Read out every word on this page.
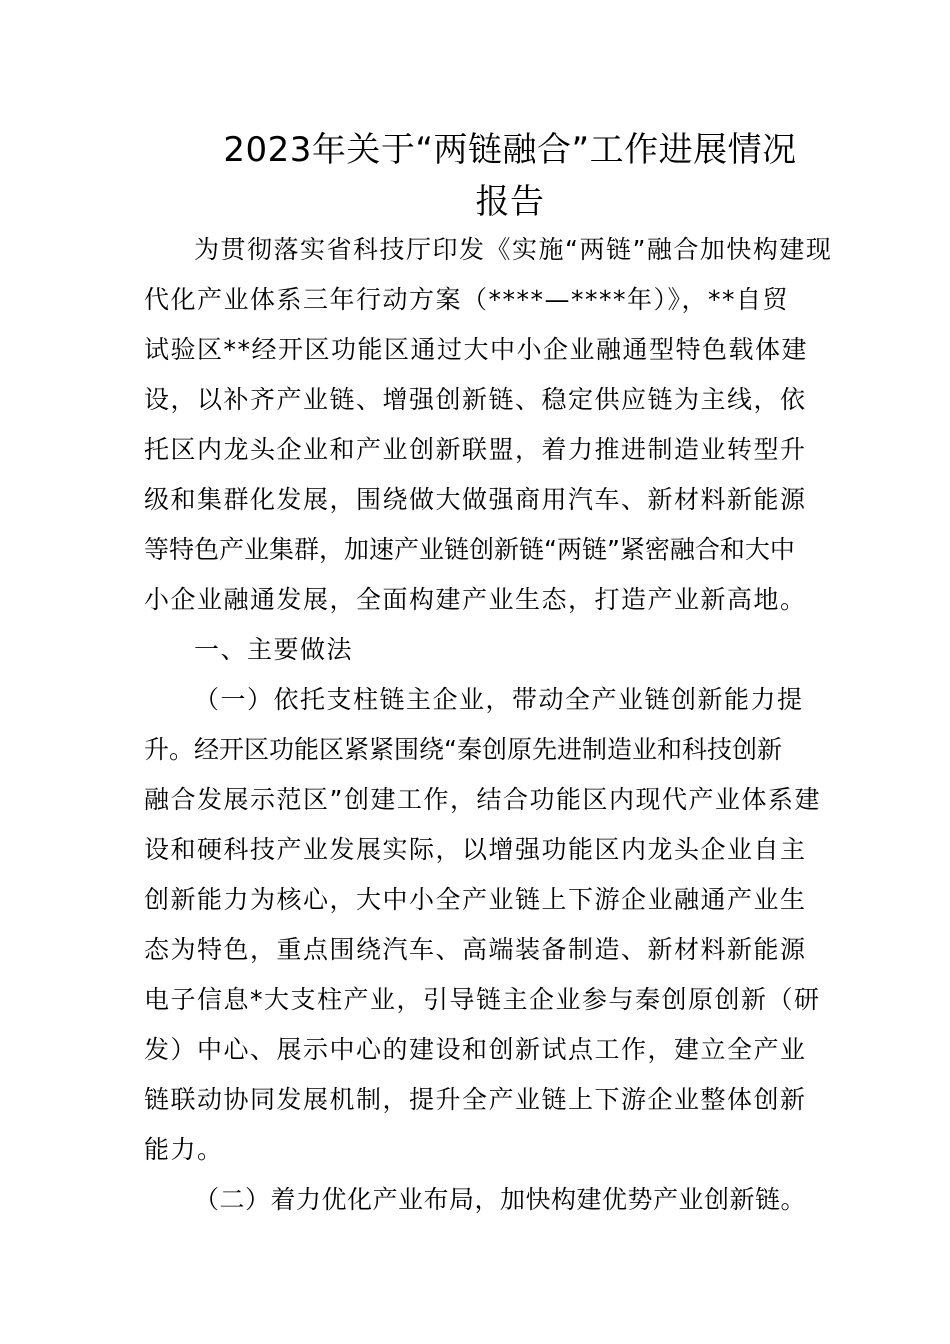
2023年关于“两链融合”工作进展情况
报告
为贯彻落实省科技厅印发《实施“两链”融合加快构建现
代化产业体系三年行动方案（****—****年）》，**自贸
试验区**经开区功能区通过大中小企业融通型特色载体建
设，以补齐产业链、增强创新链、稳定供应链为主线，依
托区内龙头企业和产业创新联盟，着力推进制造业转型升
级和集群化发展，围绕做大做强商用汽车、新材料新能源
等特色产业集群，加速产业链创新链“两链”紧密融合和大中
小企业融通发展，全面构建产业生态，打造产业新高地。
一、主要做法
（一）依托支柱链主企业，带动全产业链创新能力提
升。经开区功能区紧紧围绕“秦创原先进制造业和科技创新
融合发展示范区”创建工作，结合功能区内现代产业体系建
设和硬科技产业发展实际，以增强功能区内龙头企业自主
创新能力为核心，大中小全产业链上下游企业融通产业生
态为特色，重点围绕汽车、高端装备制造、新材料新能源
电子信息*大支柱产业，引导链主企业参与秦创原创新（研
发）中心、展示中心的建设和创新试点工作，建立全产业
链联动协同发展机制，提升全产业链上下游企业整体创新
能力。
（二）着力优化产业布局，加快构建优势产业创新链。
